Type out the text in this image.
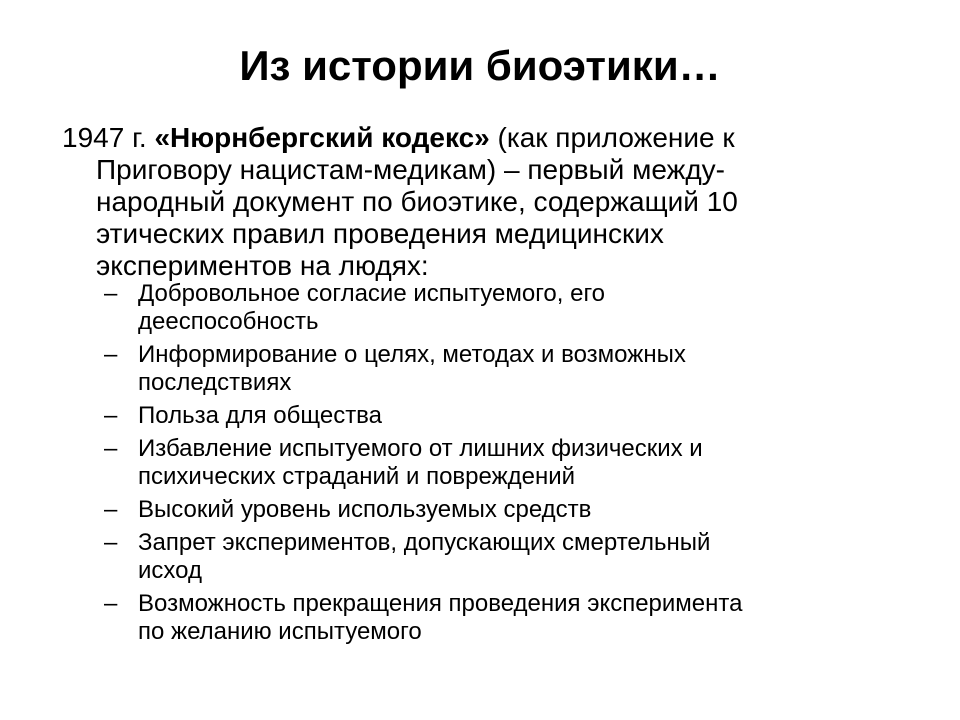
Из истории биоэтики…
1947 г. «Нюрнбергский кодекс» (как приложение к
Приговору нацистам-медикам) – первый между-
народный документ по биоэтике, содержащий 10
этических правил проведения медицинских
экспериментов на людях:
– Добровольное согласие испытуемого, его
дееспособность
– Информирование о целях, методах и возможных
последствиях
– Польза для общества
– Избавление испытуемого от лишних физических и
психических страданий и повреждений
– Высокий уровень используемых средств
– Запрет экспериментов, допускающих смертельный
исход
– Возможность прекращения проведения эксперимента
по желанию испытуемого
